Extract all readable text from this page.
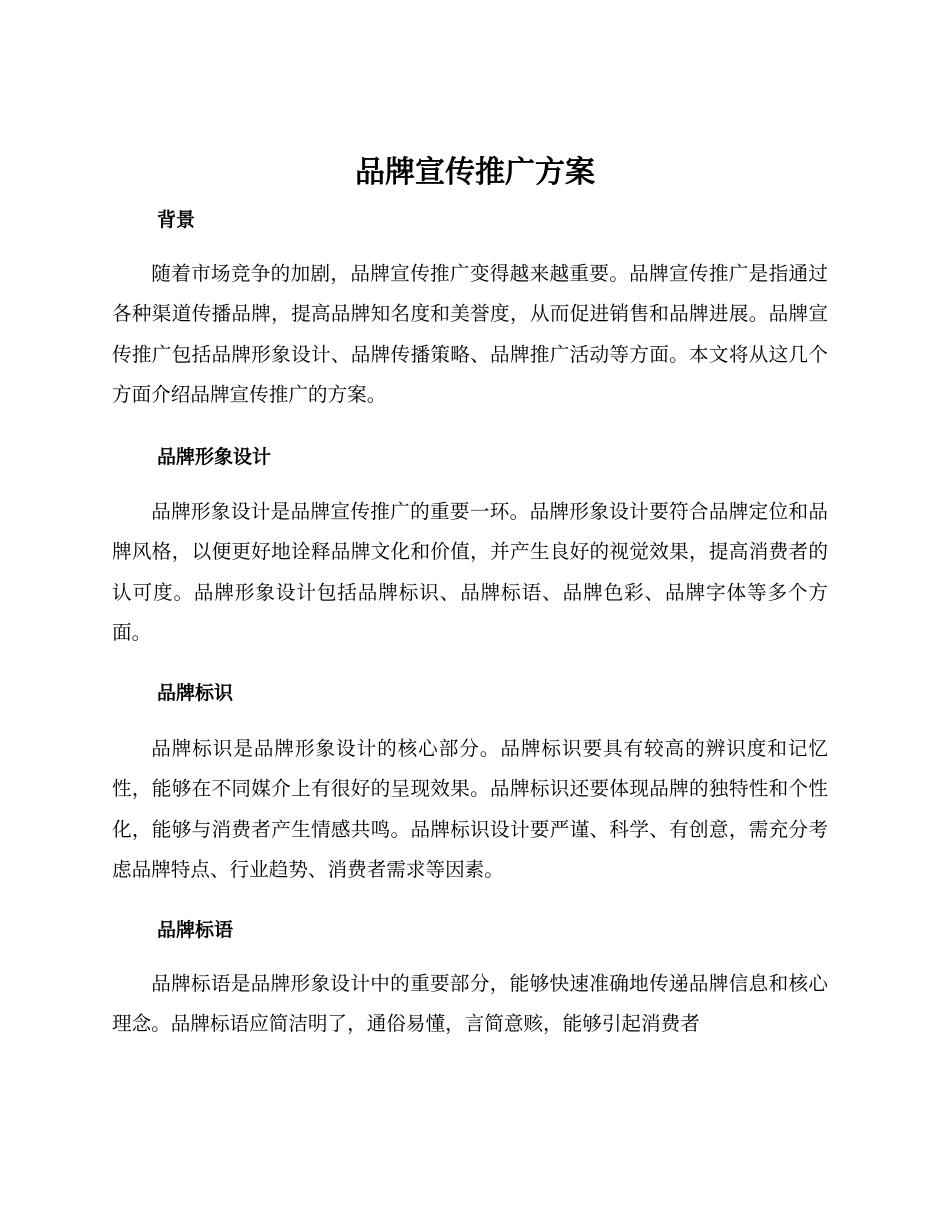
品牌宣传推广方案
背景

随着市场竞争的加剧，品牌宣传推广变得越来越重要。品牌宣传推广是指通过各种渠道传播品牌，提高品牌知名度和美誉度，从而促进销售和品牌进展。品牌宣传推广包括品牌形象设计、品牌传播策略、品牌推广活动等方面。本文将从这几个方面介绍品牌宣传推广的方案。

品牌形象设计

品牌形象设计是品牌宣传推广的重要一环。品牌形象设计要符合品牌定位和品牌风格，以便更好地诠释品牌文化和价值，并产生良好的视觉效果，提高消费者的认可度。品牌形象设计包括品牌标识、品牌标语、品牌色彩、品牌字体等多个方面。

品牌标识

品牌标识是品牌形象设计的核心部分。品牌标识要具有较高的辨识度和记忆性，能够在不同媒介上有很好的呈现效果。品牌标识还要体现品牌的独特性和个性化，能够与消费者产生情感共鸣。品牌标识设计要严谨、科学、有创意，需充分考虑品牌特点、行业趋势、消费者需求等因素。

品牌标语

品牌标语是品牌形象设计中的重要部分，能够快速准确地传递品牌信息和核心理念。品牌标语应简洁明了，通俗易懂，言简意赅，能够引起消费者
